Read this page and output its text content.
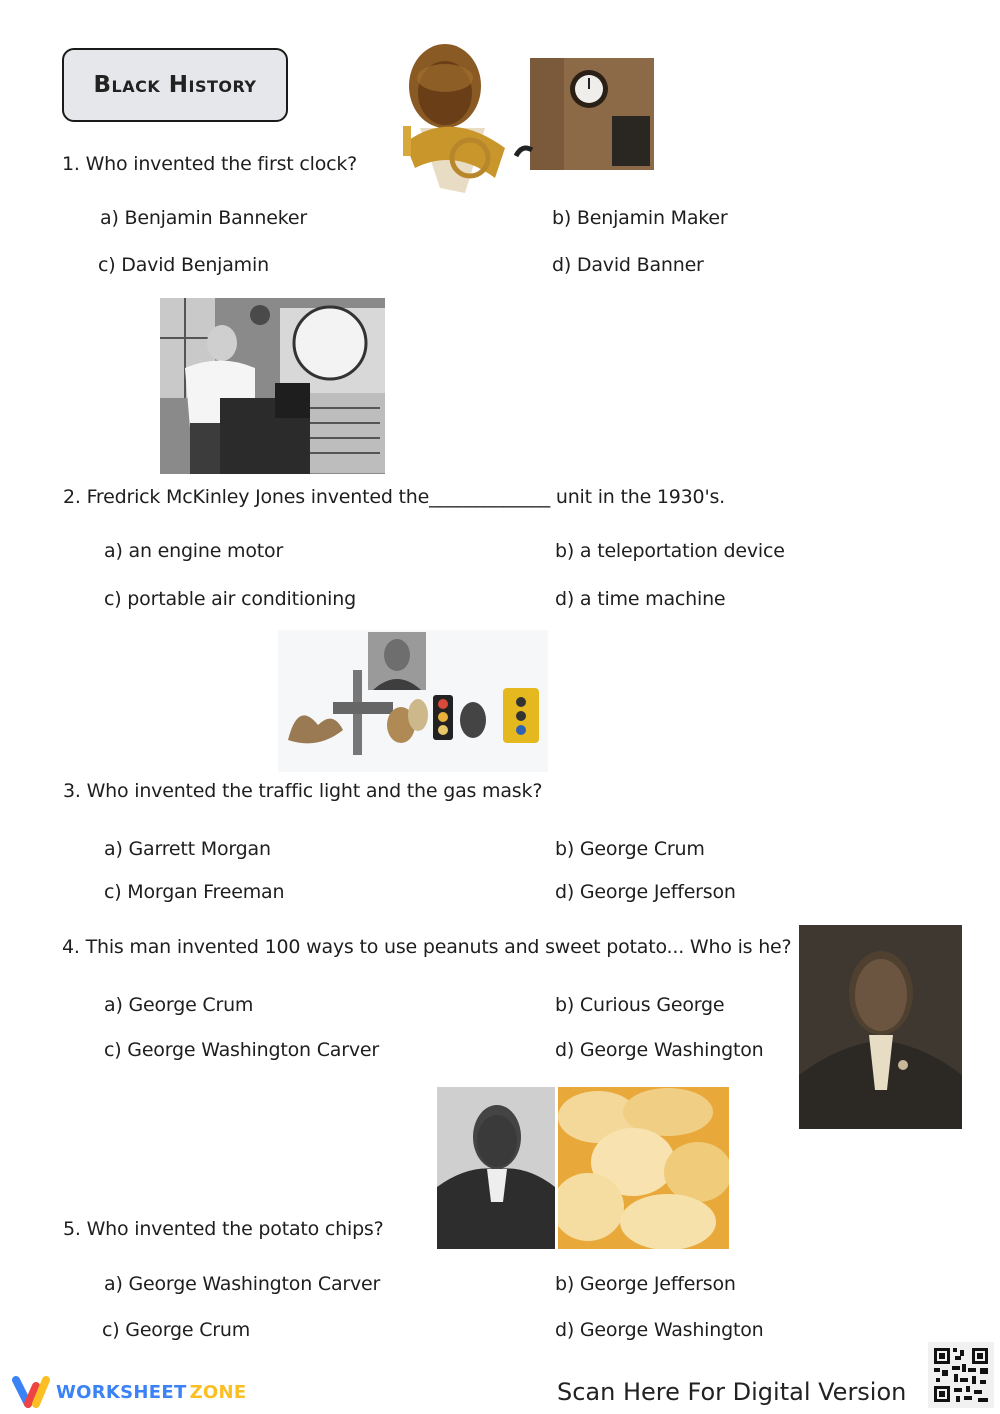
Black History
1. Who invented the first clock?
a) Benjamin Banneker	b) Benjamin Maker
c) David Benjamin	d) David Banner
2. Fredrick McKinley Jones invented the_____________ unit in the 1930's.
a) an engine motor	b) a teleportation device
c) portable air conditioning	d) a time machine
3. Who invented the traffic light and the gas mask?
a) Garrett Morgan	b) George Crum
c) Morgan Freeman	d) George Jefferson
4. This man invented 100 ways to use peanuts and sweet potato... Who is he?
a) George Crum	b) Curious George
c) George Washington Carver	d) George Washington
5. Who invented the potato chips?
a) George Washington Carver	b) George Jefferson
c) George Crum	d) George Washington
WORKSHEET ZONE	Scan Here For Digital Version
